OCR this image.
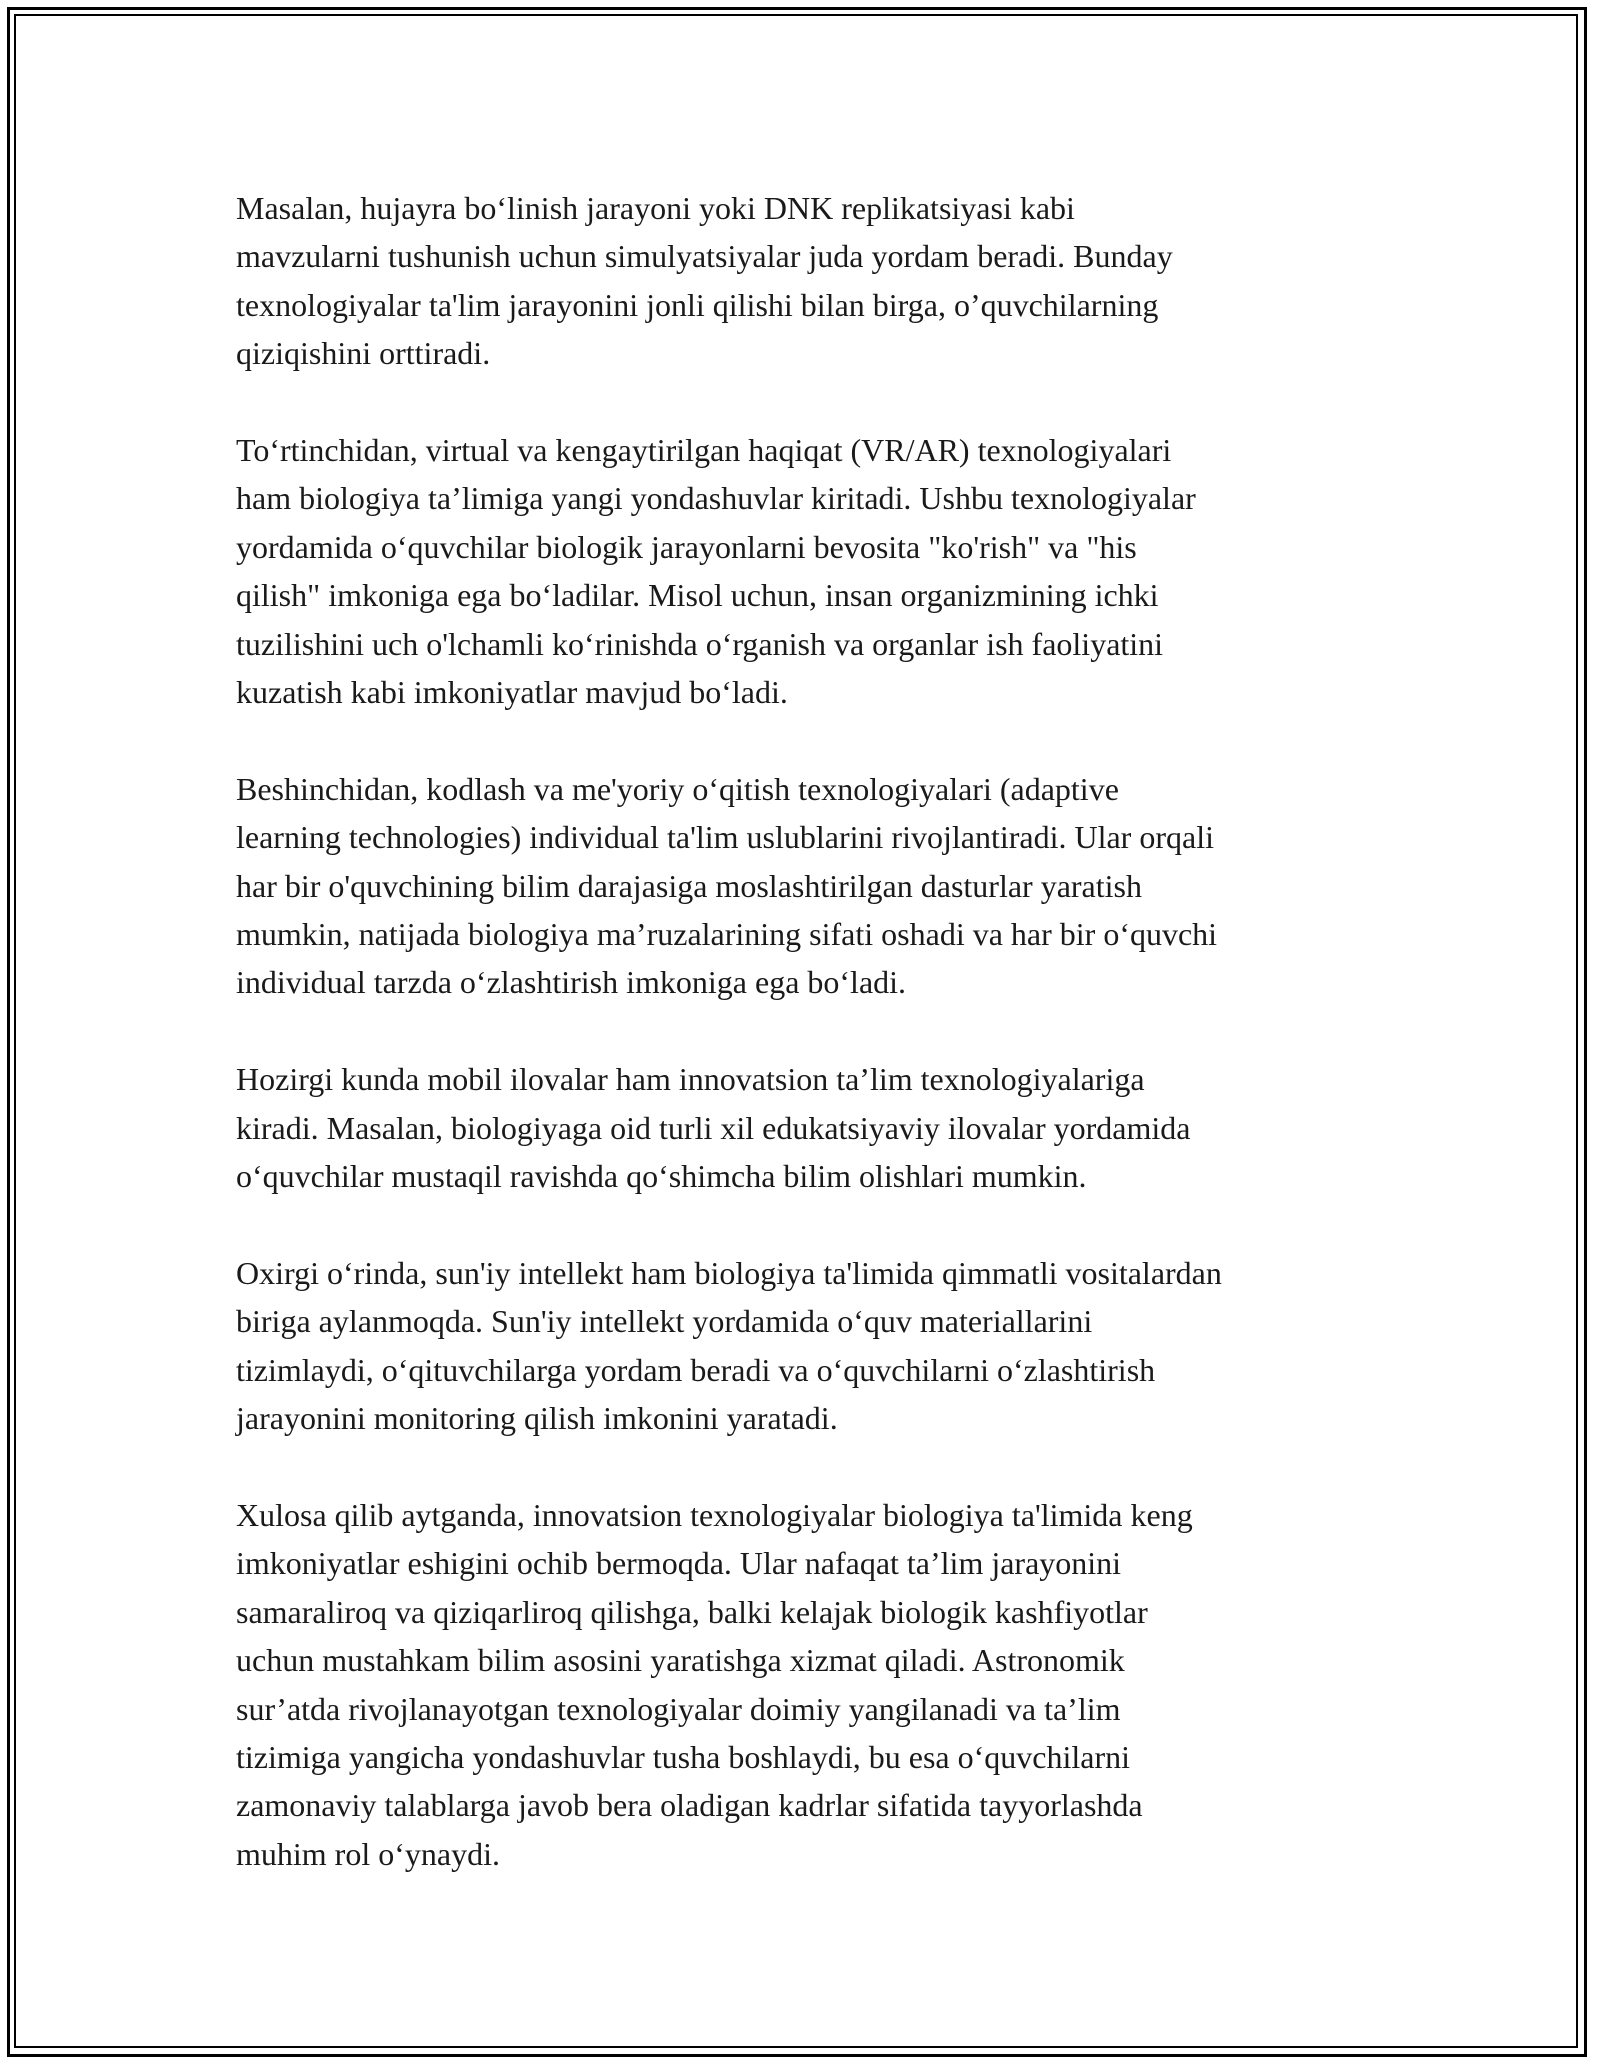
Masalan, hujayra boʻlinish jarayoni yoki DNK replikatsiyasi kabi
mavzularni tushunish uchun simulyatsiyalar juda yordam beradi. Bunday
texnologiyalar ta'lim jarayonini jonli qilishi bilan birga, o’quvchilarning
qiziqishini orttiradi.

Toʻrtinchidan, virtual va kengaytirilgan haqiqat (VR/AR) texnologiyalari
ham biologiya ta’limiga yangi yondashuvlar kiritadi. Ushbu texnologiyalar
yordamida oʻquvchilar biologik jarayonlarni bevosita "ko'rish" va "his
qilish" imkoniga ega boʻladilar. Misol uchun, insan organizmining ichki
tuzilishini uch o'lchamli koʻrinishda oʻrganish va organlar ish faoliyatini
kuzatish kabi imkoniyatlar mavjud boʻladi.

Beshinchidan, kodlash va me'yoriy oʻqitish texnologiyalari (adaptive
learning technologies) individual ta'lim uslublarini rivojlantiradi. Ular orqali
har bir o'quvchining bilim darajasiga moslashtirilgan dasturlar yaratish
mumkin, natijada biologiya ma’ruzalarining sifati oshadi va har bir oʻquvchi
individual tarzda oʻzlashtirish imkoniga ega boʻladi.

Hozirgi kunda mobil ilovalar ham innovatsion ta’lim texnologiyalariga
kiradi. Masalan, biologiyaga oid turli xil edukatsiyaviy ilovalar yordamida
oʻquvchilar mustaqil ravishda qoʻshimcha bilim olishlari mumkin.

Oxirgi oʻrinda, sun'iy intellekt ham biologiya ta'limida qimmatli vositalardan
biriga aylanmoqda. Sun'iy intellekt yordamida oʻquv materiallarini
tizimlaydi, oʻqituvchilarga yordam beradi va oʻquvchilarni oʻzlashtirish
jarayonini monitoring qilish imkonini yaratadi.

Xulosa qilib aytganda, innovatsion texnologiyalar biologiya ta'limida keng
imkoniyatlar eshigini ochib bermoqda. Ular nafaqat ta’lim jarayonini
samaraliroq va qiziqarliroq qilishga, balki kelajak biologik kashfiyotlar
uchun mustahkam bilim asosini yaratishga xizmat qiladi. Astronomik
sur’atda rivojlanayotgan texnologiyalar doimiy yangilanadi va ta’lim
tizimiga yangicha yondashuvlar tusha boshlaydi, bu esa oʻquvchilarni
zamonaviy talablarga javob bera oladigan kadrlar sifatida tayyorlashda
muhim rol oʻynaydi.
